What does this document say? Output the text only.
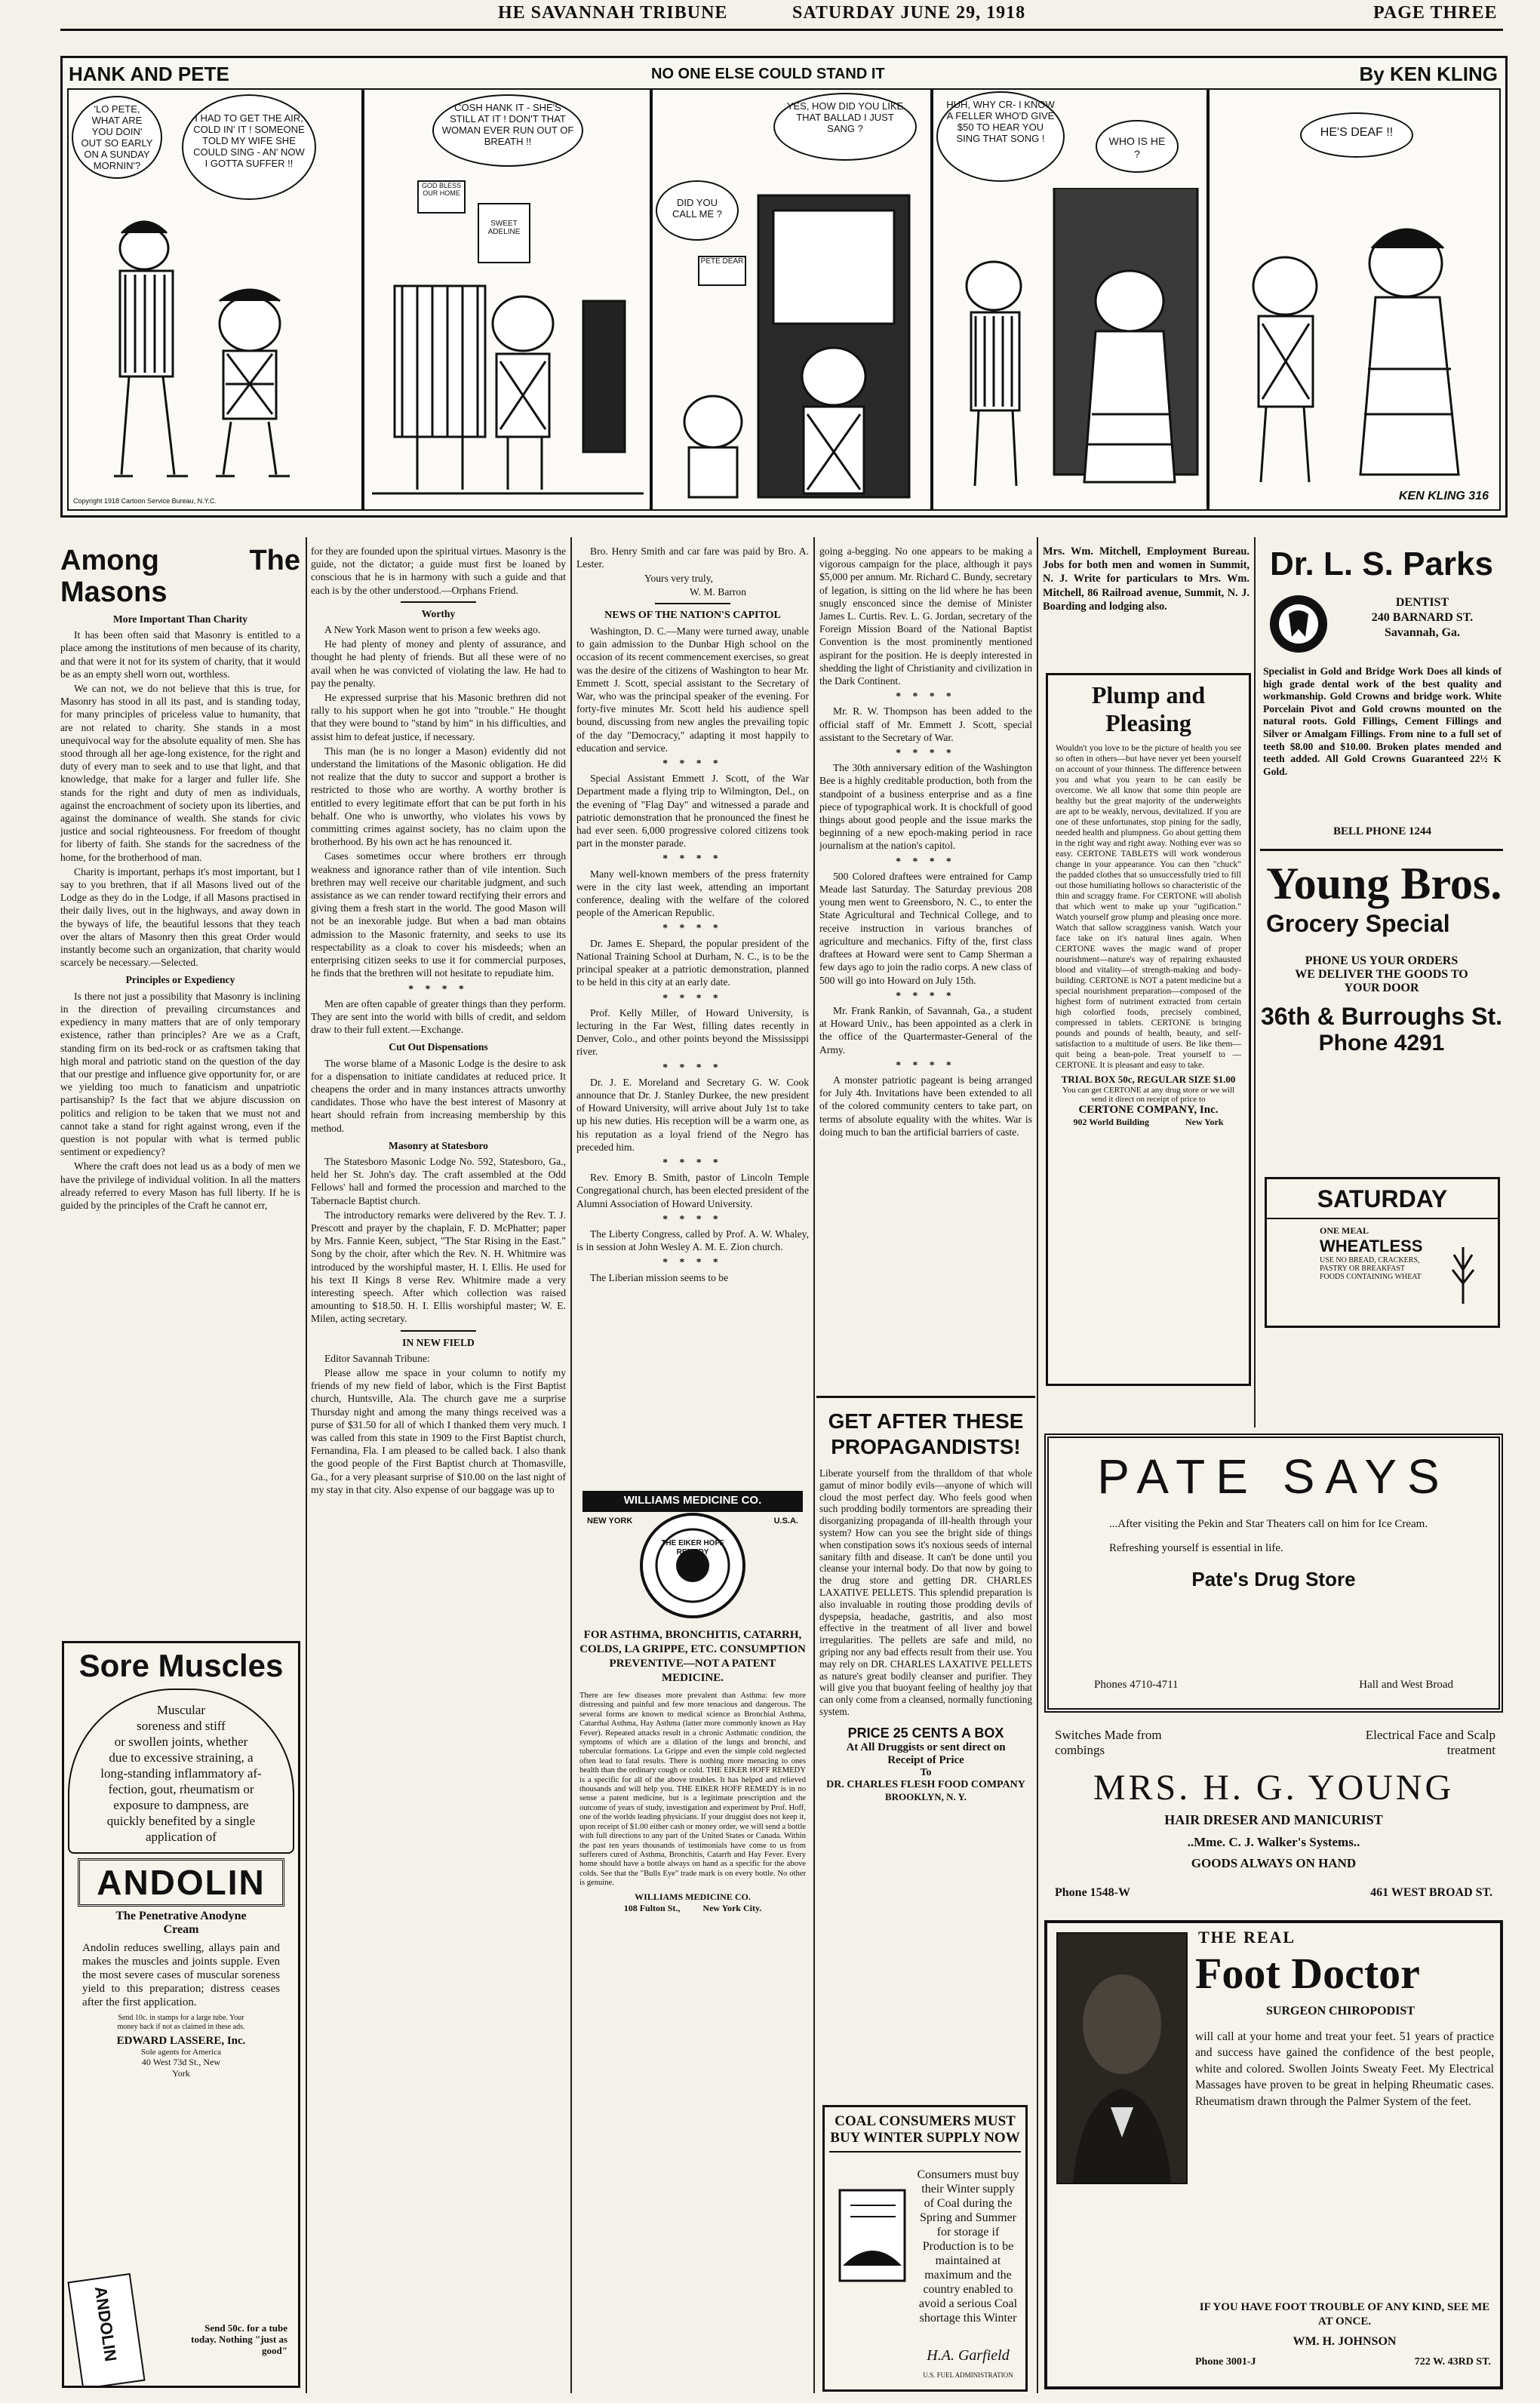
HE SAVANNAH TRIBUNE	SATURDAY JUNE 29, 1918	PAGE THREE
HANK AND PETE	NO ONE ELSE COULD STAND IT	By KEN KLING
'LO PETE, WHAT ARE YOU DOIN' OUT SO EARLY ON A SUNDAY MORNIN'?
I HAD TO GET THE AIR, COLD IN' IT ! SOMEONE TOLD MY WIFE SHE COULD SING - AN' NOW I GOTTA SUFFER !!
Copyright 1918 Cartoon Service Bureau, N.Y.C.
COSH HANK IT - SHE'S STILL AT IT ! DON'T THAT WOMAN EVER RUN OUT OF BREATH !!
GOD BLESS OUR HOME
SWEET ADELINE
YES, HOW DID YOU LIKE THAT BALLAD I JUST SANG ?
DID YOU CALL ME ?
PETE DEAR
HUH, WHY CR- I KNOW A FELLER WHO'D GIVE $50 TO HEAR YOU SING THAT SONG !	WHO IS HE ?
HE'S DEAF !!
KEN KLING 316
Among The Masons
More Important Than Charity

It has been often said that Masonry is entitled to a place among the institutions of men because of its charity, and that were it not for its system of charity, that it would be as an empty shell worn out, worthless.

We can not, we do not believe that this is true, for Masonry has stood in all its past, and is standing today, for many principles of priceless value to humanity, that are not related to charity. She stands in a most unequivocal way for the absolute equality of men. She has stood through all her age-long existence, for the right and duty of every man to seek and to use that light, and that knowledge, that make for a larger and fuller life. She stands for the right and duty of men as individuals, against the encroachment of society upon its liberties, and against the dominance of wealth. She stands for civic justice and social righteousness. For freedom of thought for liberty of faith. She stands for the sacredness of the home, for the brotherhood of man.

Charity is important, perhaps it's most important, but I say to you brethren, that if all Masons lived out of the Lodge as they do in the Lodge, if all Masons practised in their daily lives, out in the highways, and away down in the byways of life, the beautiful lessons that they teach over the altars of Masonry then this great Order would instantly become such an organization, that charity would scarcely be necessary.—Selected.

Principles or Expediency

Is there not just a possibility that Masonry is inclining in the direction of prevailing circumstances and expediency in many matters that are of only temporary existence, rather than principles? Are we as a Craft, standing firm on its bed-rock or as craftsmen taking that high moral and patriotic stand on the question of the day that our prestige and influence give opportunity for, or are we yielding too much to fanaticism and unpatriotic partisanship? Is the fact that we abjure discussion on politics and religion to be taken that we must not and cannot take a stand for right against wrong, even if the question is not popular with what is termed public sentiment or expediency?

Where the craft does not lead us as a body of men we have the privilege of individual volition. In all the matters already referred to every Mason has full liberty. If he is guided by the principles of the Craft he cannot err,

Sore Muscles
Muscular
soreness and stiff
or swollen joints, whether
due to excessive straining, a
long-standing inflammatory af-
fection, gout, rheumatism or
exposure to dampness, are
quickly benefited by a single
application of
ANDOLIN
The Penetrative Anodyne Cream
Andolin reduces swelling, allays pain and makes the muscles and joints supple. Even the most severe cases of muscular soreness yield to this preparation; distress ceases after the first application.
Send 10c. in stamps for a large tube. Your money back if not as claimed in these ads.
EDWARD LASSERE, Inc.
Sole agents for America
40 West 73d St., New York
ANDOLIN	Send 50c. for a tube today. Nothing "just as good"

for they are founded upon the spiritual virtues. Masonry is the guide, not the dictator; a guide must first be loaned by conscious that he is in harmony with such a guide and that each is by the other understood.—Orphans Friend.

Worthy

A New York Mason went to prison a few weeks ago.

He had plenty of money and plenty of assurance, and thought he had plenty of friends. But all these were of no avail when he was convicted of violating the law. He had to pay the penalty.

He expressed surprise that his Masonic brethren did not rally to his support when he got into "trouble." He thought that they were bound to "stand by him" in his difficulties, and assist him to defeat justice, if necessary.

This man (he is no longer a Mason) evidently did not understand the limitations of the Masonic obligation. He did not realize that the duty to succor and support a brother is restricted to those who are worthy. A worthy brother is entitled to every legitimate effort that can be put forth in his behalf. One who is unworthy, who violates his vows by committing crimes against society, has no claim upon the brotherhood. By his own act he has renounced it.

Cases sometimes occur where brothers err through weakness and ignorance rather than of vile intention. Such brethren may well receive our charitable judgment, and such assistance as we can render toward rectifying their errors and giving them a fresh start in the world. The good Mason will not be an inexorable judge. But when a bad man obtains admission to the Masonic fraternity, and seeks to use its respectability as a cloak to cover his misdeeds; when an enterprising citizen seeks to use it for commercial purposes, he finds that the brethren will not hesitate to repudiate him.

* * * *

Men are often capable of greater things than they perform. They are sent into the world with bills of credit, and seldom draw to their full extent.—Exchange.

Cut Out Dispensations

The worse blame of a Masonic Lodge is the desire to ask for a dispensation to initiate candidates at reduced price. It cheapens the order and in many instances attracts unworthy candidates. Those who have the best interest of Masonry at heart should refrain from increasing membership by this method.

Masonry at Statesboro

The Statesboro Masonic Lodge No. 592, Statesboro, Ga., held her St. John's day. The craft assembled at the Odd Fellows' hall and formed the procession and marched to the Tabernacle Baptist church.

The introductory remarks were delivered by the Rev. T. J. Prescott and prayer by the chaplain, F. D. McPhatter; paper by Mrs. Fannie Keen, subject, "The Star Rising in the East." Song by the choir, after which the Rev. N. H. Whitmire was introduced by the worshipful master, H. I. Ellis. He used for his text II Kings 8 verse Rev. Whitmire made a very interesting speech. After which collection was raised amounting to $18.50. H. I. Ellis worshipful master; W. E. Milen, acting secretary.

IN NEW FIELD

Editor Savannah Tribune:

Please allow me space in your column to notify my friends of my new field of labor, which is the First Baptist church, Huntsville, Ala. The church gave me a surprise Thursday night and among the many things received was a purse of $31.50 for all of which I thanked them very much. I was called from this state in 1909 to the First Baptist church, Fernandina, Fla. I am pleased to be called back. I also thank the good people of the First Baptist church at Thomasville, Ga., for a very pleasant surprise of $10.00 on the last night of my stay in that city. Also expense of our baggage was up to

Bro. Henry Smith and car fare was paid by Bro. A. Lester.

Yours very truly,
W. M. Barron
NEWS OF THE NATION'S CAPITOL

Washington, D. C.—Many were turned away, unable to gain admission to the Dunbar High school on the occasion of its recent commencement exercises, so great was the desire of the citizens of Washington to hear Mr. Emmett J. Scott, special assistant to the Secretary of War, who was the principal speaker of the evening. For forty-five minutes Mr. Scott held his audience spell bound, discussing from new angles the prevailing topic of the day "Democracy," adapting it most happily to education and service.

* * * *

Special Assistant Emmett J. Scott, of the War Department made a flying trip to Wilmington, Del., on the evening of "Flag Day" and witnessed a parade and patriotic demonstration that he pronounced the finest he had ever seen. 6,000 progressive colored citizens took part in the monster parade.

* * * *

Many well-known members of the press fraternity were in the city last week, attending an important conference, dealing with the welfare of the colored people of the American Republic.

* * * *

Dr. James E. Shepard, the popular president of the National Training School at Durham, N. C., is to be the principal speaker at a patriotic demonstration, planned to be held in this city at an early date.

* * * *

Prof. Kelly Miller, of Howard University, is lecturing in the Far West, filling dates recently in Denver, Colo., and other points beyond the Mississippi river.

* * * *

Dr. J. E. Moreland and Secretary G. W. Cook announce that Dr. J. Stanley Durkee, the new president of Howard University, will arrive about July 1st to take up his new duties. His reception will be a warm one, as his reputation as a loyal friend of the Negro has preceded him.

* * * *

Rev. Emory B. Smith, pastor of Lincoln Temple Congregational church, has been elected president of the Alumni Association of Howard University.

* * * *

The Liberty Congress, called by Prof. A. W. Whaley, is in session at John Wesley A. M. E. Zion church.

* * * *

The Liberian mission seems to be

WILLIAMS MEDICINE CO.
NEW YORK	U.S.A.
THE EIKER HOFF REMEDY
FOR ASTHMA, BRONCHITIS, CATARRH, COLDS, LA GRIPPE, ETC. CONSUMPTION PREVENTIVE—NOT A PATENT MEDICINE.
There are few diseases more prevalent than Asthma: few more distressing and painful and few more tenacious and dangerous. The several forms are known to medical science as Bronchial Asthma, Catarrhal Asthma, Hay Asthma (latter more commonly known as Hay Fever). Repeated attacks result in a chronic Asthmatic condition, the symptoms of which are a dilation of the lungs and bronchi, and tubercular formations. La Grippe and even the simple cold neglected often lead to fatal results. There is nothing more menacing to ones health than the ordinary cough or cold. THE EIKER HOFF REMEDY is a specific for all of the above troubles. It has helped and relieved thousands and will help you. THE EIKER HOFF REMEDY is in no sense a patent medicine, but is a legitimate prescription and the outcome of years of study, investigation and experiment by Prof. Hoff, one of the worlds leading physicians. If your druggist does not keep it, upon receipt of $1.00 either cash or money order, we will send a bottle with full directions to any part of the United States or Canada. Within the past ten years thousands of testimonials have come to us from sufferers cured of Asthma, Bronchitis, Catarrh and Hay Fever. Every home should have a bottle always on hand as a specific for the above colds. See that the "Bulls Eye" trade mark is on every bottle. No other is genuine.
WILLIAMS MEDICINE CO.
108 Fulton St.,          New York City.

going a-begging. No one appears to be making a vigorous campaign for the place, although it pays $5,000 per annum. Mr. Richard C. Bundy, secretary of legation, is sitting on the lid where he has been snugly ensconced since the demise of Minister James L. Curtis. Rev. L. G. Jordan, secretary of the Foreign Mission Board of the National Baptist Convention is the most prominently mentioned aspirant for the position. He is deeply interested in shedding the light of Christianity and civilization in the Dark Continent.

* * * *

Mr. R. W. Thompson has been added to the official staff of Mr. Emmett J. Scott, special assistant to the Secretary of War.

* * * *

The 30th anniversary edition of the Washington Bee is a highly creditable production, both from the standpoint of a business enterprise and as a fine piece of typographical work. It is chockfull of good things about good people and the issue marks the beginning of a new epoch-making period in race journalism at the nation's capitol.

* * * *

500 Colored draftees were entrained for Camp Meade last Saturday. The Saturday previous 208 young men went to Greensboro, N. C., to enter the State Agricultural and Technical College, and to receive instruction in various branches of agriculture and mechanics. Fifty of the, first class draftees at Howard were sent to Camp Sherman a few days ago to join the radio corps. A new class of 500 will go into Howard on July 15th.

* * * *

Mr. Frank Rankin, of Savannah, Ga., a student at Howard Univ., has been appointed as a clerk in the office of the Quartermaster-General of the Army.

* * * *

A monster patriotic pageant is being arranged for July 4th. Invitations have been extended to all of the colored community centers to take part, on terms of absolute equality with the whites. War is doing much to ban the artificial barriers of caste.

GET AFTER THESE PROPAGANDISTS!
Liberate yourself from the thralldom of that whole gamut of minor bodily evils—anyone of which will cloud the most perfect day. Who feels good when such prodding bodily tormentors are spreading their disorganizing propaganda of ill-health through your system? How can you see the bright side of things when constipation sows it's noxious seeds of internal sanitary filth and disease. It can't be done until you cleanse your internal body. Do that now by going to the drug store and getting DR. CHARLES LAXATIVE PELLETS. This splendid preparation is also invaluable in routing those prodding devils of dyspepsia, headache, gastritis, and also most effective in the treatment of all liver and bowel irregularities. The pellets are safe and mild, no griping nor any bad effects result from their use. You may rely on DR. CHARLES LAXATIVE PELLETS as nature's great bodily cleanser and purifier. They will give you that buoyant feeling of healthy joy that can only come from a cleansed, normally functioning system.
PRICE 25 CENTS A BOX
At All Druggists or sent direct on Receipt of Price
To
DR. CHARLES FLESH FOOD COMPANY
BROOKLYN, N. Y.
COAL CONSUMERS MUST BUY WINTER SUPPLY NOW
Consumers must buy their Winter supply of Coal during the Spring and Summer for storage if Production is to be maintained at maximum and the country enabled to avoid a serious Coal shortage this Winter
H.A. Garfield
U.S. FUEL ADMINISTRATION

Mrs. Wm. Mitchell, Employment Bureau. Jobs for both men and women in Summit, N. J. Write for particulars to Mrs. Wm. Mitchell, 86 Railroad avenue, Summit, N. J. Boarding and lodging also.

Plump and Pleasing
Wouldn't you love to be the picture of health you see so often in others—but have never yet been yourself on account of your thinness. The difference between you and what you yearn to be can easily be overcome. We all know that some thin people are healthy but the great majority of the underweights are apt to be weakly, nervous, devitalized. If you are one of these unfortunates, stop pining for the sadly, needed health and plumpness. Go about getting them in the right way and right away. Nothing ever was so easy. CERTONE TABLETS will work wonderous change in your appearance. You can then "chuck" the padded clothes that so unsuccessfully tried to fill out those humiliating hollows so characteristic of the thin and scraggy frame. For CERTONE will abolish that which went to make up your "ugification." Watch yourself grow plump and pleasing once more. Watch that sallow scragginess vanish. Watch your face take on it's natural lines again. When CERTONE waves the magic wand of proper nourishment—nature's way of repairing exhausted blood and vitality—of strength-making and body-building. CERTONE is NOT a patent medicine but a special nourishment preparation—composed of the highest form of nutriment extracted from certain high colorfied foods, precisely combined, compressed in tablets. CERTONE is bringing pounds and pounds of health, beauty, and self-satisfaction to a multitude of users. Be like them—quit being a bean-pole. Treat yourself to —CERTONE. It is pleasant and easy to take.
TRIAL BOX 50c, REGULAR SIZE $1.00
You can get CERTONE at any drug store or we will send it direct on receipt of price to
CERTONE COMPANY, Inc.
902 World Building                New York
Dr. L. S. Parks
DENTIST
240 BARNARD ST.
Savannah, Ga.
Specialist in Gold and Bridge Work Does all kinds of high grade dental work of the best quality and workmanship. Gold Crowns and bridge work. White Porcelain Pivot and Gold crowns mounted on the natural roots. Gold Fillings, Cement Fillings and Silver or Amalgam Fillings. From nine to a full set of teeth $8.00 and $10.00. Broken plates mended and teeth added. All Gold Crowns Guaranteed 22½ K Gold.
BELL PHONE 1244
Young Bros.
Grocery Special
PHONE US YOUR ORDERS
WE DELIVER THE GOODS TO
YOUR DOOR
36th & Burroughs St.
Phone 4291
SATURDAY
ONE MEAL
WHEATLESS
USE NO BREAD, CRACKERS, PASTRY OR BREAKFAST FOODS CONTAINING WHEAT
PATE SAYS
...After visiting the Pekin and Star Theaters call on him for Ice Cream. Refreshing yourself is essential in life.
Pate's Drug Store
Phones 4710-4711	Hall and West Broad
Switches Made from combings
Electrical Face and Scalp treatment
MRS. H. G. YOUNG
HAIR DRESER AND MANICURIST
..Mme. C. J. Walker's Systems..
GOODS ALWAYS ON HAND
Phone 1548-W	461 WEST BROAD ST.
THE REAL
Foot Doctor
SURGEON CHIROPODIST
will call at your home and treat your feet. 51 years of practice and success have gained the confidence of the best people, white and colored. Swollen Joints Sweaty Feet. My Electrical Massages have proven to be great in helping Rheumatic cases. Rheumatism drawn through the Palmer System of the feet.
IF YOU HAVE FOOT TROUBLE OF ANY KIND, SEE ME AT ONCE.
WM. H. JOHNSON
Phone 3001-J	722 W. 43RD ST.
